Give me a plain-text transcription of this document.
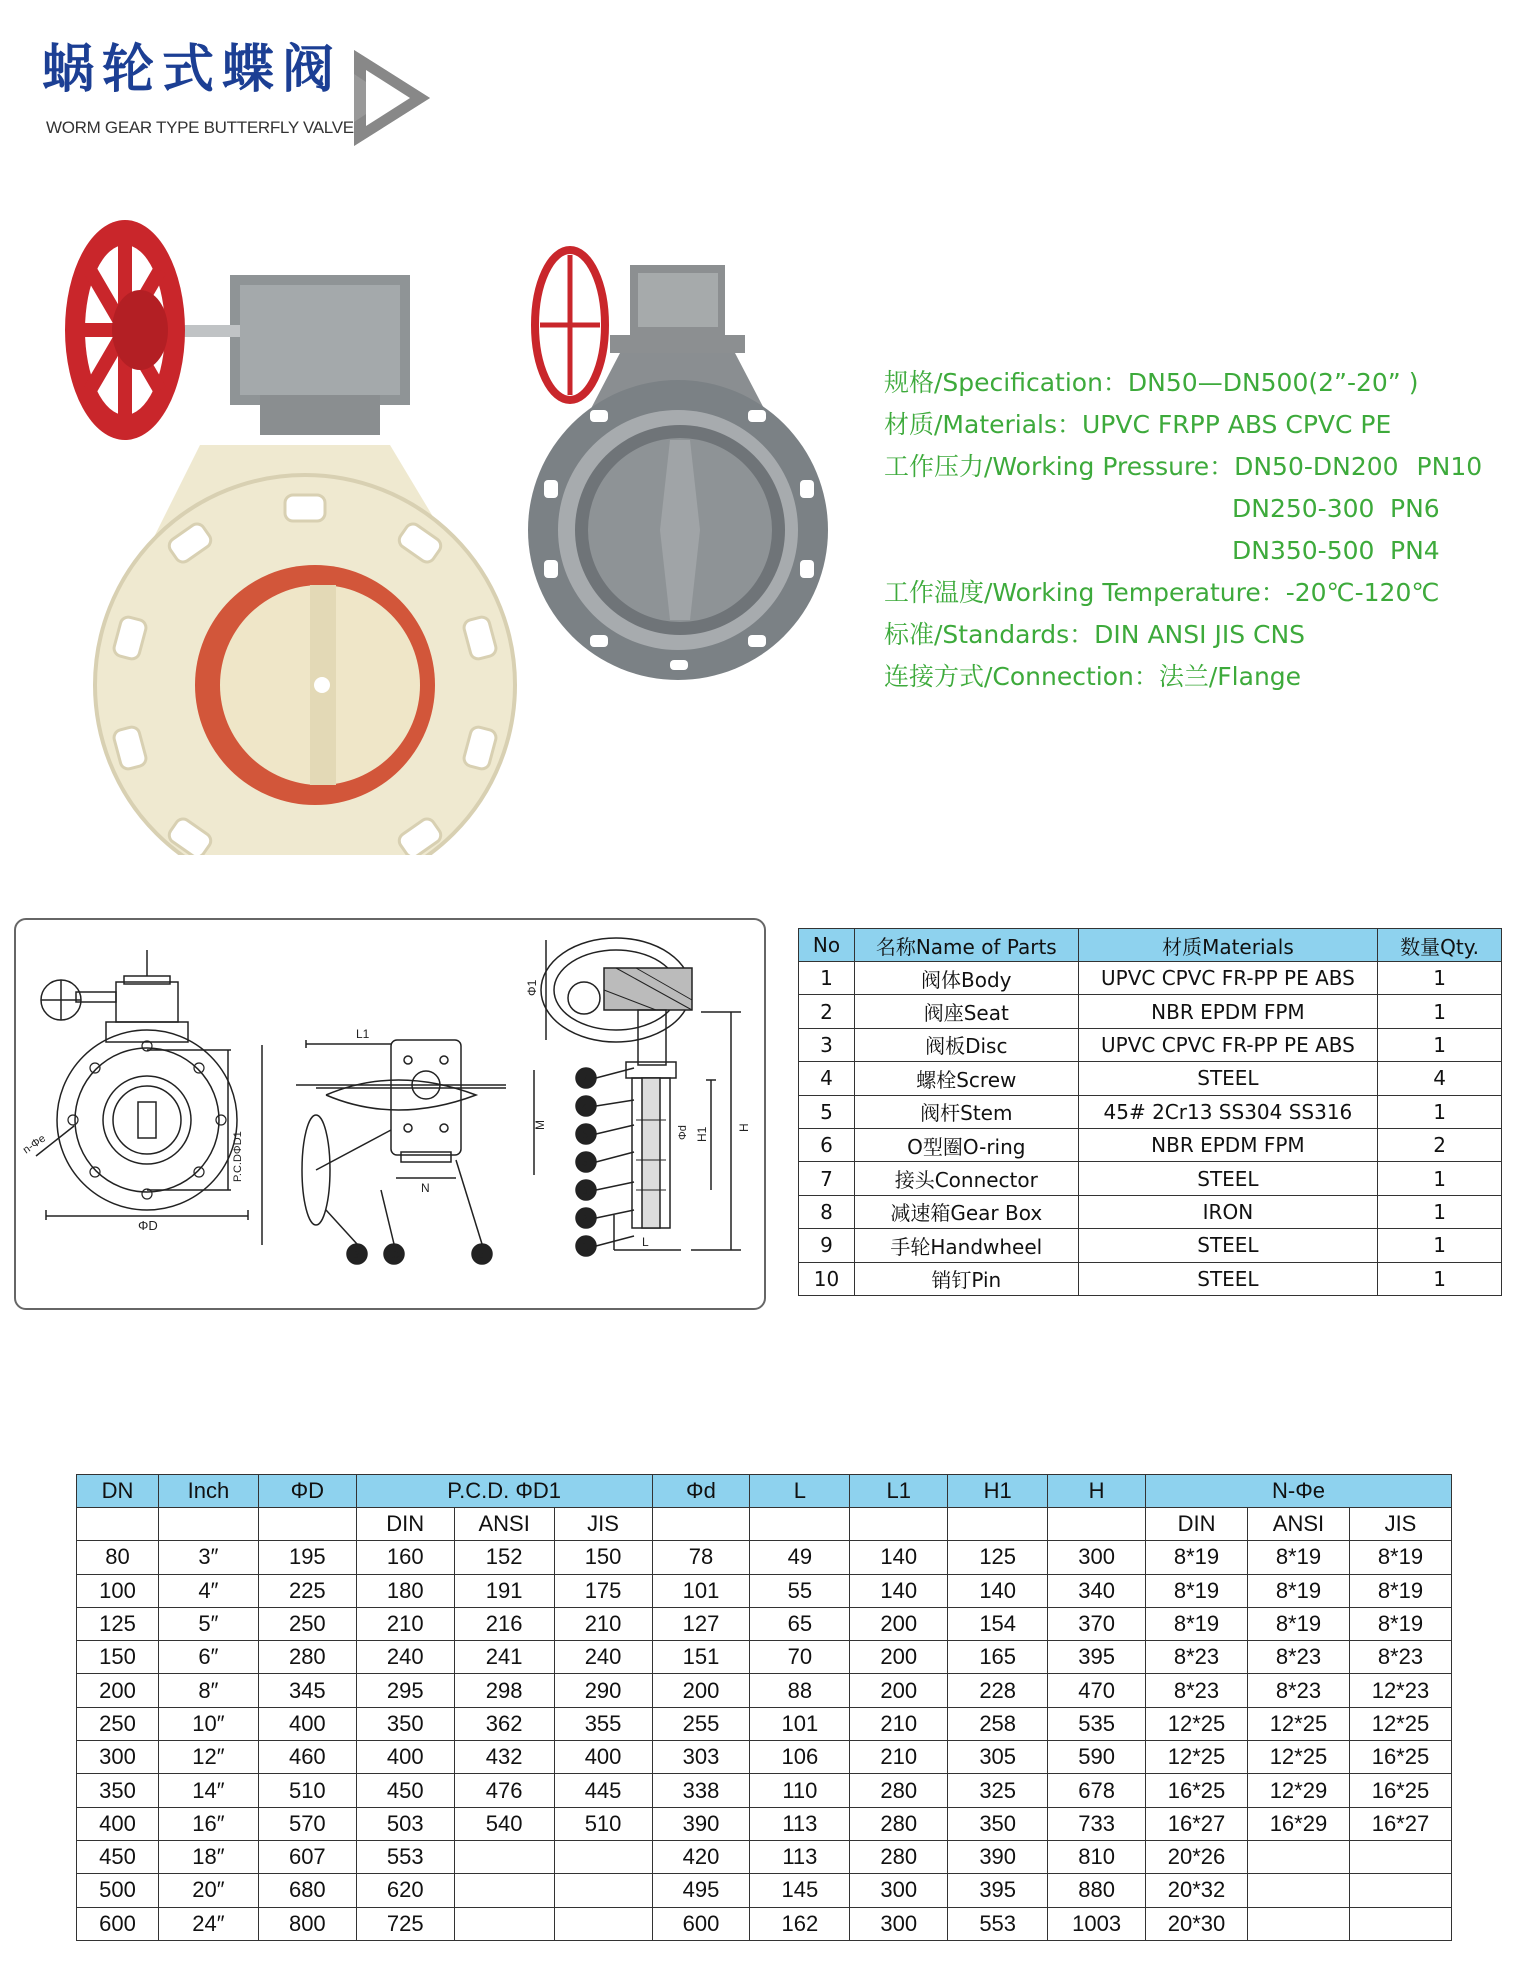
蜗轮式蝶阀
WORM GEAR TYPE BUTTERFLY VALVE
规格/Specification：DN50—DN500(2”-20” )
材质/Materials：UPVC FRPP ABS CPVC PE
工作压力/Working Pressure：DN50-DN200 PN10
DN250-300 PN6
DN350-500 PN4
工作温度/Working Temperature：-20℃-120℃
标准/Standards：DIN ANSI JIS CNS
连接方式/Connection：法兰/Flange
ΦD
P.C.DΦD1
n-Φe
L1
N
M
Φ1
H1 H
Φd
L
7
4
6
5
3
2
1
9	10	8
No	名称Name of Parts	材质Materials	数量Qty.
1	阀体Body	UPVC CPVC FR-PP PE ABS	1
2	阀座Seat	NBR EPDM FPM	1
3	阀板Disc	UPVC CPVC FR-PP PE ABS	1
4	螺栓Screw	STEEL	4
5	阀杆Stem	45# 2Cr13 SS304 SS316	1
6	O型圈O-ring	NBR EPDM FPM	2
7	接头Connector	STEEL	1
8	减速箱Gear Box	IRON	1
9	手轮Handwheel	STEEL	1
10	销钉Pin	STEEL	1
DN	Inch	ΦD	P.C.D. ΦD1			Φd	L	L1	H1	H	N-Φe		
			DIN	ANSI	JIS						DIN	ANSI	JIS
80	3″	195	160	152	150	78	49	140	125	300	8*19	8*19	8*19
100	4″	225	180	191	175	101	55	140	140	340	8*19	8*19	8*19
125	5″	250	210	216	210	127	65	200	154	370	8*19	8*19	8*19
150	6″	280	240	241	240	151	70	200	165	395	8*23	8*23	8*23
200	8″	345	295	298	290	200	88	200	228	470	8*23	8*23	12*23
250	10″	400	350	362	355	255	101	210	258	535	12*25	12*25	12*25
300	12″	460	400	432	400	303	106	210	305	590	12*25	12*25	16*25
350	14″	510	450	476	445	338	110	280	325	678	16*25	12*29	16*25
400	16″	570	503	540	510	390	113	280	350	733	16*27	16*29	16*27
450	18″	607	553			420	113	280	390	810	20*26		
500	20″	680	620			495	145	300	395	880	20*32		
600	24″	800	725			600	162	300	553	1003	20*30		
